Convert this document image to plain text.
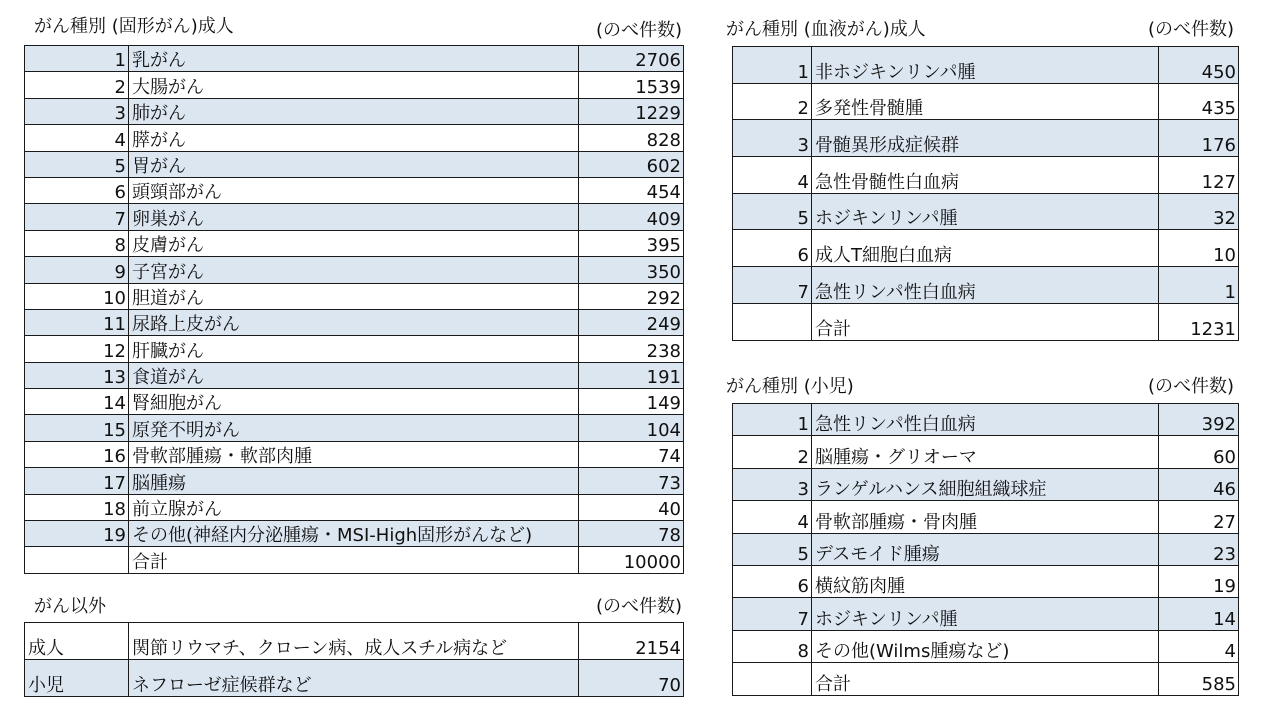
がん種別 (固形がん)成人	(のべ件数)
1	乳がん	2706
2	大腸がん	1539
3	肺がん	1229
4	膵がん	828
5	胃がん	602
6	頭頸部がん	454
7	卵巣がん	409
8	皮膚がん	395
9	子宮がん	350
10	胆道がん	292
11	尿路上皮がん	249
12	肝臓がん	238
13	食道がん	191
14	腎細胞がん	149
15	原発不明がん	104
16	骨軟部腫瘍・軟部肉腫	74
17	脳腫瘍	73
18	前立腺がん	40
19	その他(神経内分泌腫瘍・MSI-High固形がんなど)	78
	合計	10000
がん以外	(のべ件数)
成人	関節リウマチ、クローン病、成人スチル病など	2154
小児	ネフローゼ症候群など	70
がん種別 (血液がん)成人	(のべ件数)
1	非ホジキンリンパ腫	450
2	多発性骨髄腫	435
3	骨髄異形成症候群	176
4	急性骨髄性白血病	127
5	ホジキンリンパ腫	32
6	成人T細胞白血病	10
7	急性リンパ性白血病	1
	合計	1231
がん種別 (小児)	(のべ件数)
1	急性リンパ性白血病	392
2	脳腫瘍・グリオーマ	60
3	ランゲルハンス細胞組織球症	46
4	骨軟部腫瘍・骨肉腫	27
5	デスモイド腫瘍	23
6	横紋筋肉腫	19
7	ホジキンリンパ腫	14
8	その他(Wilms腫瘍など)	4
	合計	585
